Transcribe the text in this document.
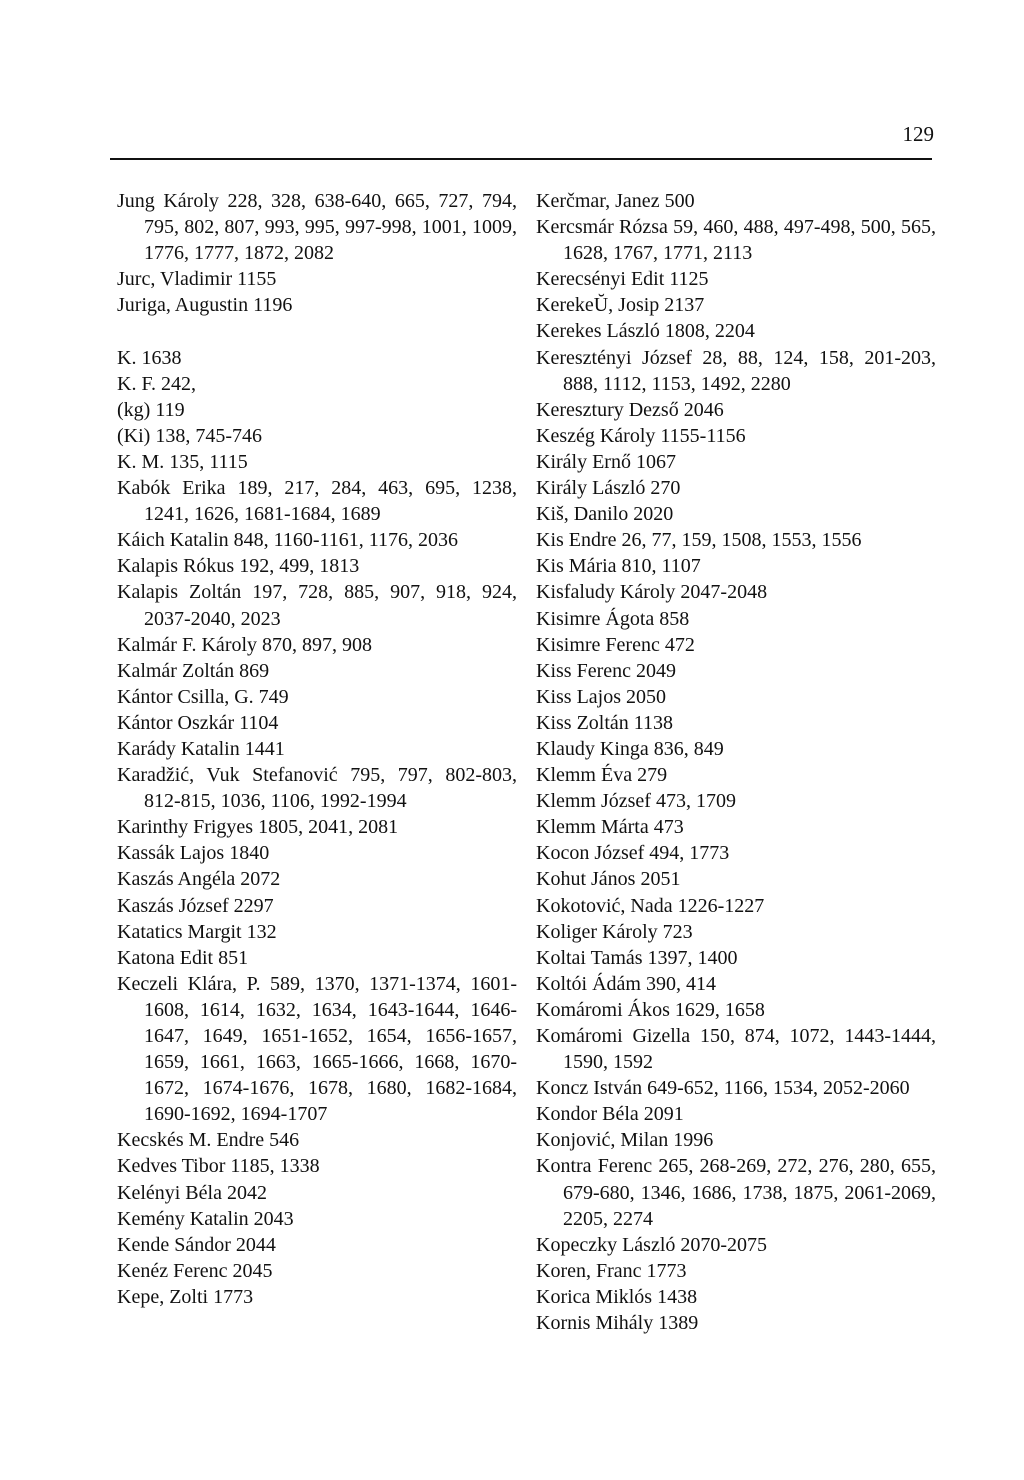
129
Jung Károly 228, 328, 638-640, 665, 727, 794, 795, 802, 807, 993, 995, 997-998, 1001, 1009, 1776, 1777, 1872, 2082
Jurc, Vladimir 1155
Juriga, Augustin 1196
K. 1638
K. F. 242,
(kg) 119
(Ki) 138, 745-746
K. M. 135, 1115
Kabók Erika 189, 217, 284, 463, 695, 1238, 1241, 1626, 1681-1684, 1689
Káich Katalin 848, 1160-1161, 1176, 2036
Kalapis Rókus 192, 499, 1813
Kalapis Zoltán 197, 728, 885, 907, 918, 924, 2037-2040, 2023
Kalmár F. Károly 870, 897, 908
Kalmár Zoltán 869
Kántor Csilla, G. 749
Kántor Oszkár 1104
Karády Katalin 1441
Karadžić, Vuk Stefanović 795, 797, 802-803, 812-815, 1036, 1106, 1992-1994
Karinthy Frigyes 1805, 2041, 2081
Kassák Lajos 1840
Kaszás Angéla 2072
Kaszás József 2297
Katatics Margit 132
Katona Edit 851
Keczeli Klára, P. 589, 1370, 1371-1374, 1601-1608, 1614, 1632, 1634, 1643-1644, 1646-1647, 1649, 1651-1652, 1654, 1656-1657, 1659, 1661, 1663, 1665-1666, 1668, 1670-1672, 1674-1676, 1678, 1680, 1682-1684, 1690-1692, 1694-1707
Kecskés M. Endre 546
Kedves Tibor 1185, 1338
Kelényi Béla 2042
Kemény Katalin 2043
Kende Sándor 2044
Kenéz Ferenc 2045
Kepe, Zolti 1773
Kerčmar, Janez 500
Kercsmár Rózsa 59, 460, 488, 497-498, 500, 565, 1628, 1767, 1771, 2113
Kerecsényi Edit 1125
KerekeŬ, Josip 2137
Kerekes László 1808, 2204
Keresztényi József 28, 88, 124, 158, 201-203, 888, 1112, 1153, 1492, 2280
Keresztury Dezső 2046
Keszég Károly 1155-1156
Király Ernő 1067
Király László 270
Kiš, Danilo 2020
Kis Endre 26, 77, 159, 1508, 1553, 1556
Kis Mária 810, 1107
Kisfaludy Károly 2047-2048
Kisimre Ágota 858
Kisimre Ferenc 472
Kiss Ferenc 2049
Kiss Lajos 2050
Kiss Zoltán 1138
Klaudy Kinga 836, 849
Klemm Éva 279
Klemm József 473, 1709
Klemm Márta 473
Kocon József 494, 1773
Kohut János 2051
Kokotović, Nada 1226-1227
Koliger Károly 723
Koltai Tamás 1397, 1400
Koltói Ádám 390, 414
Komáromi Ákos 1629, 1658
Komáromi Gizella 150, 874, 1072, 1443-1444, 1590, 1592
Koncz István 649-652, 1166, 1534, 2052-2060
Kondor Béla 2091
Konjović, Milan 1996
Kontra Ferenc 265, 268-269, 272, 276, 280, 655, 679-680, 1346, 1686, 1738, 1875, 2061-2069, 2205, 2274
Kopeczky László 2070-2075
Koren, Franc 1773
Korica Miklós 1438
Kornis Mihály 1389
